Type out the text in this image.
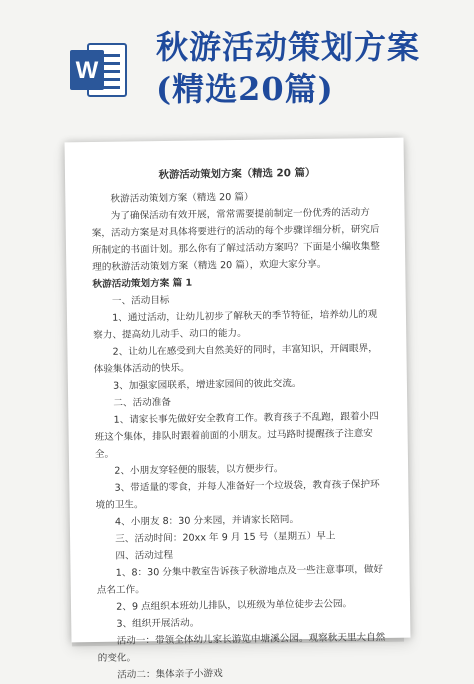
W
秋游活动策划方案
(精选20篇)
秋游活动策划方案（精选 20 篇）

秋游活动策划方案（精选 20 篇）

为了确保活动有效开展，常常需要提前制定一份优秀的活动方案，活动方案是对具体将要进行的活动的每个步骤详细分析，研究后所制定的书面计划。那么你有了解过活动方案吗？下面是小编收集整理的秋游活动策划方案（精选 20 篇），欢迎大家分享。

秋游活动策划方案 篇 1

一、活动目标

1、通过活动，让幼儿初步了解秋天的季节特征，培养幼儿的观察力、提高幼儿动手、动口的能力。

2、让幼儿在感受到大自然美好的同时，丰富知识，开阔眼界，体验集体活动的快乐。

3、加强家园联系，增进家园间的彼此交流。

二、活动准备

1、请家长事先做好安全教育工作。教育孩子不乱跑，跟着小四班这个集体，排队时跟着前面的小朋友。过马路时提醒孩子注意安全。

2、小朋友穿轻便的服装，以方便步行。

3、带适量的零食，并每人准备好一个垃圾袋，教育孩子保护环境的卫生。

4、小朋友 8：30 分来园，并请家长陪同。

三、活动时间：20xx 年 9 月 15 号（星期五）早上

四、活动过程

1、8：30 分集中教室告诉孩子秋游地点及一些注意事项，做好点名工作。

2、9 点组织本班幼儿排队，以班级为单位徒步去公园。

3、组织开展活动。

活动一：带领全体幼儿家长游览中塘溪公园。观察秋天里大自然的变化。

活动二：集体亲子小游戏
